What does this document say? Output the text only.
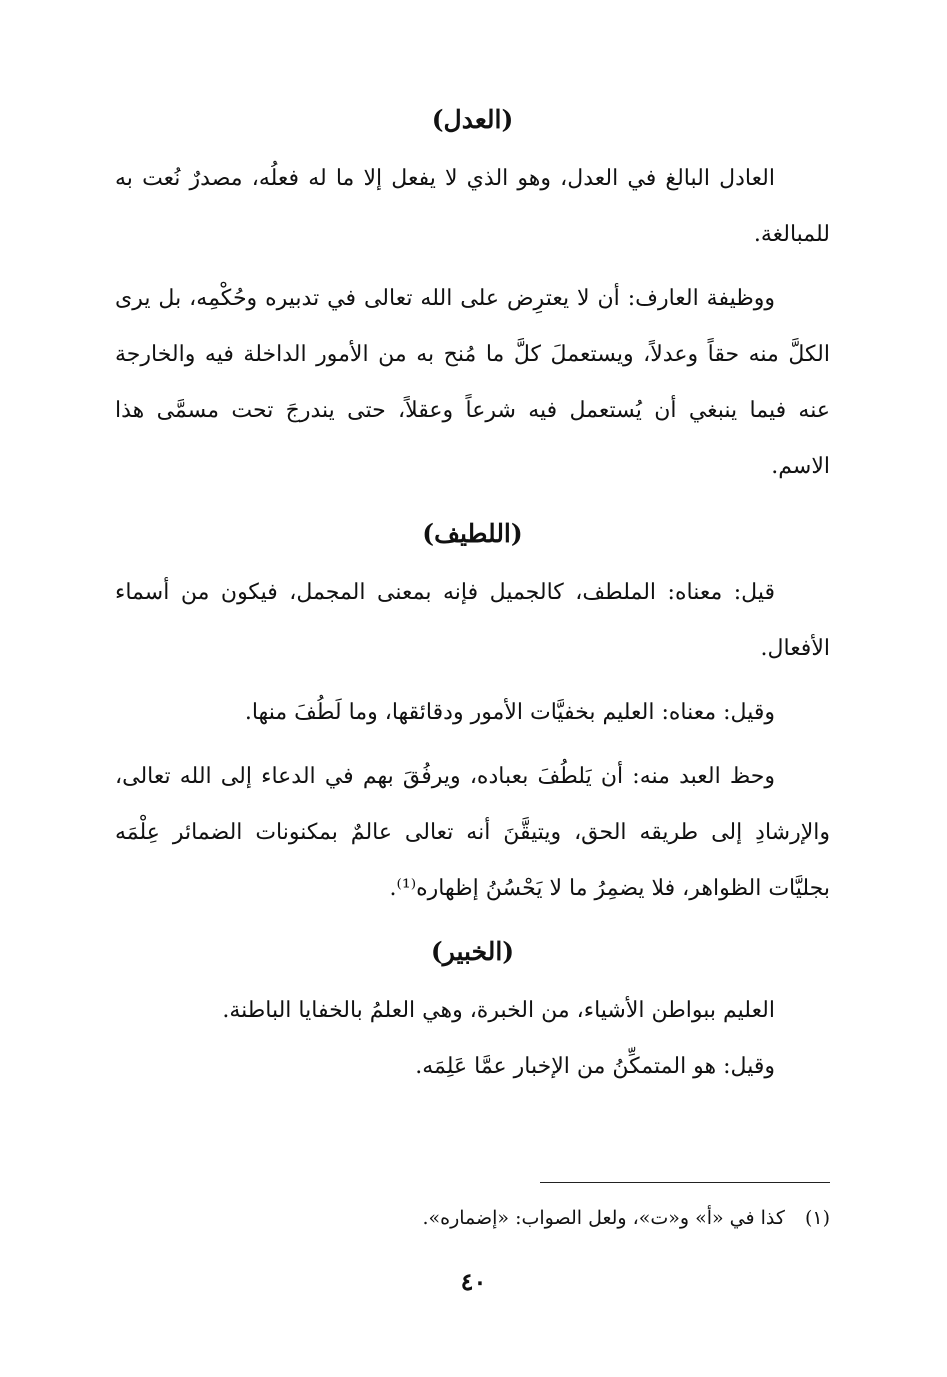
(العدل)

العادل البالغ في العدل، وهو الذي لا يفعل إلا ما له فعلُه، مصدرٌ نُعت به للمبالغة.

ووظيفة العارف: أن لا يعترِض على الله تعالى في تدبيره وحُكْمِه، بل يرى الكلَّ منه حقاً وعدلاً، ويستعملَ كلَّ ما مُنح به من الأمور الداخلة فيه والخارجة عنه فيما ينبغي أن يُستعمل فيه شرعاً وعقلاً، حتى يندرجَ تحت مسمَّى هذا الاسم.

(اللطيف)

قيل: معناه: الملطف، كالجميل فإنه بمعنى المجمل، فيكون من أسماء الأفعال.

وقيل: معناه: العليم بخفيَّات الأمور ودقائقها، وما لَطُفَ منها.

وحظ العبد منه: أن يَلطُفَ بعباده، ويرفُقَ بهم في الدعاء إلى الله تعالى، والإرشادِ إلى طريقه الحق، ويتيقَّنَ أنه تعالى عالمٌ بمكنونات الضمائر عِلْمَه بجليَّات الظواهر، فلا يضمِرُ ما لا يَحْسُنُ إظهاره⁽¹⁾.

(الخبير)

العليم ببواطن الأشياء، من الخبرة، وهي العلمُ بالخفايا الباطنة.

وقيل: هو المتمكِّنُ من الإخبار عمَّا عَلِمَه.

(١)كذا في «أ» و«ت»، ولعل الصواب: «إضماره».
٤٠
